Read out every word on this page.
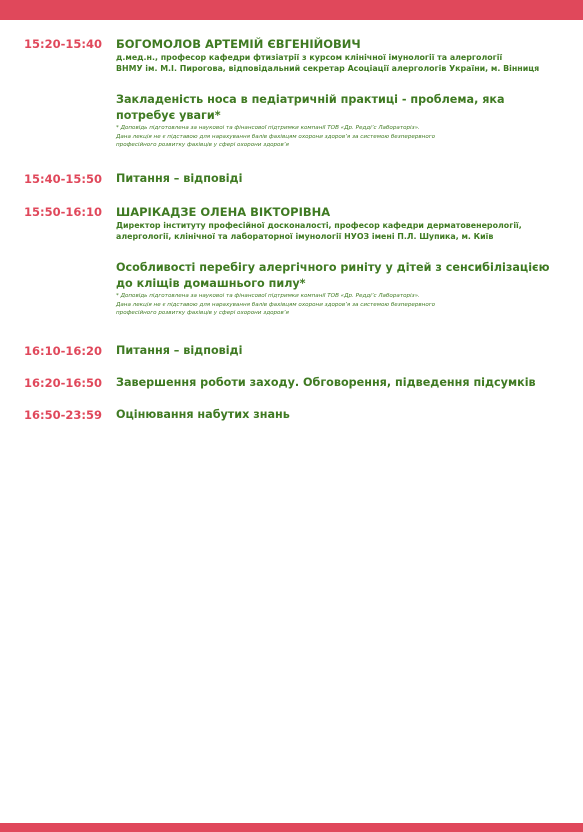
15:20-15:40 БОГОМОЛОВ АРТЕМІЙ ЄВГЕНІЙОВИЧ
д.мед.н., професор кафедри фтизіатрії з курсом клінічної імунології та алергології
ВНМУ ім. М.І. Пирогова, відповідальний секретар Асоціації алергологів України, м. Вінниця
Закладеність носа в педіатричній практиці - проблема, яка
потребує уваги*
* Доповідь підготовлена за науковоі та фінансової підтримки компанії ТОВ «Др. Редді’с Лабораторіз».
Дана лекція не є підставою для нарахування балів фахівцям охорони здоров’я за системою безперервного
професійного розвитку фахівців у сфері охорони здоров’я
15:40-15:50 Питання – відповіді
15:50-16:10 ШАРІКАДЗЕ ОЛЕНА ВІКТОРІВНА
Директор інституту професійної досконалості, професор кафедри дерматовенерології,
алергології, клінічної та лабораторної імунології НУОЗ імені П.Л. Шупика, м. Київ
Особливості перебігу алергічного риніту у дітей з сенсибілізацією
до кліщів домашнього пилу*
* Доповідь підготовлена за науковоі та фінансової підтримки компанії ТОВ «Др. Редді’с Лабораторіз».
Дана лекція не є підставою для нарахування балів фахівцям охорони здоров’я за системою безперервного
професійного розвитку фахівців у сфері охорони здоров’я
16:10-16:20 Питання – відповіді
16:20-16:50 Завершення роботи заходу. Обговорення, підведення підсумків
16:50-23:59 Оцінювання набутих знань
